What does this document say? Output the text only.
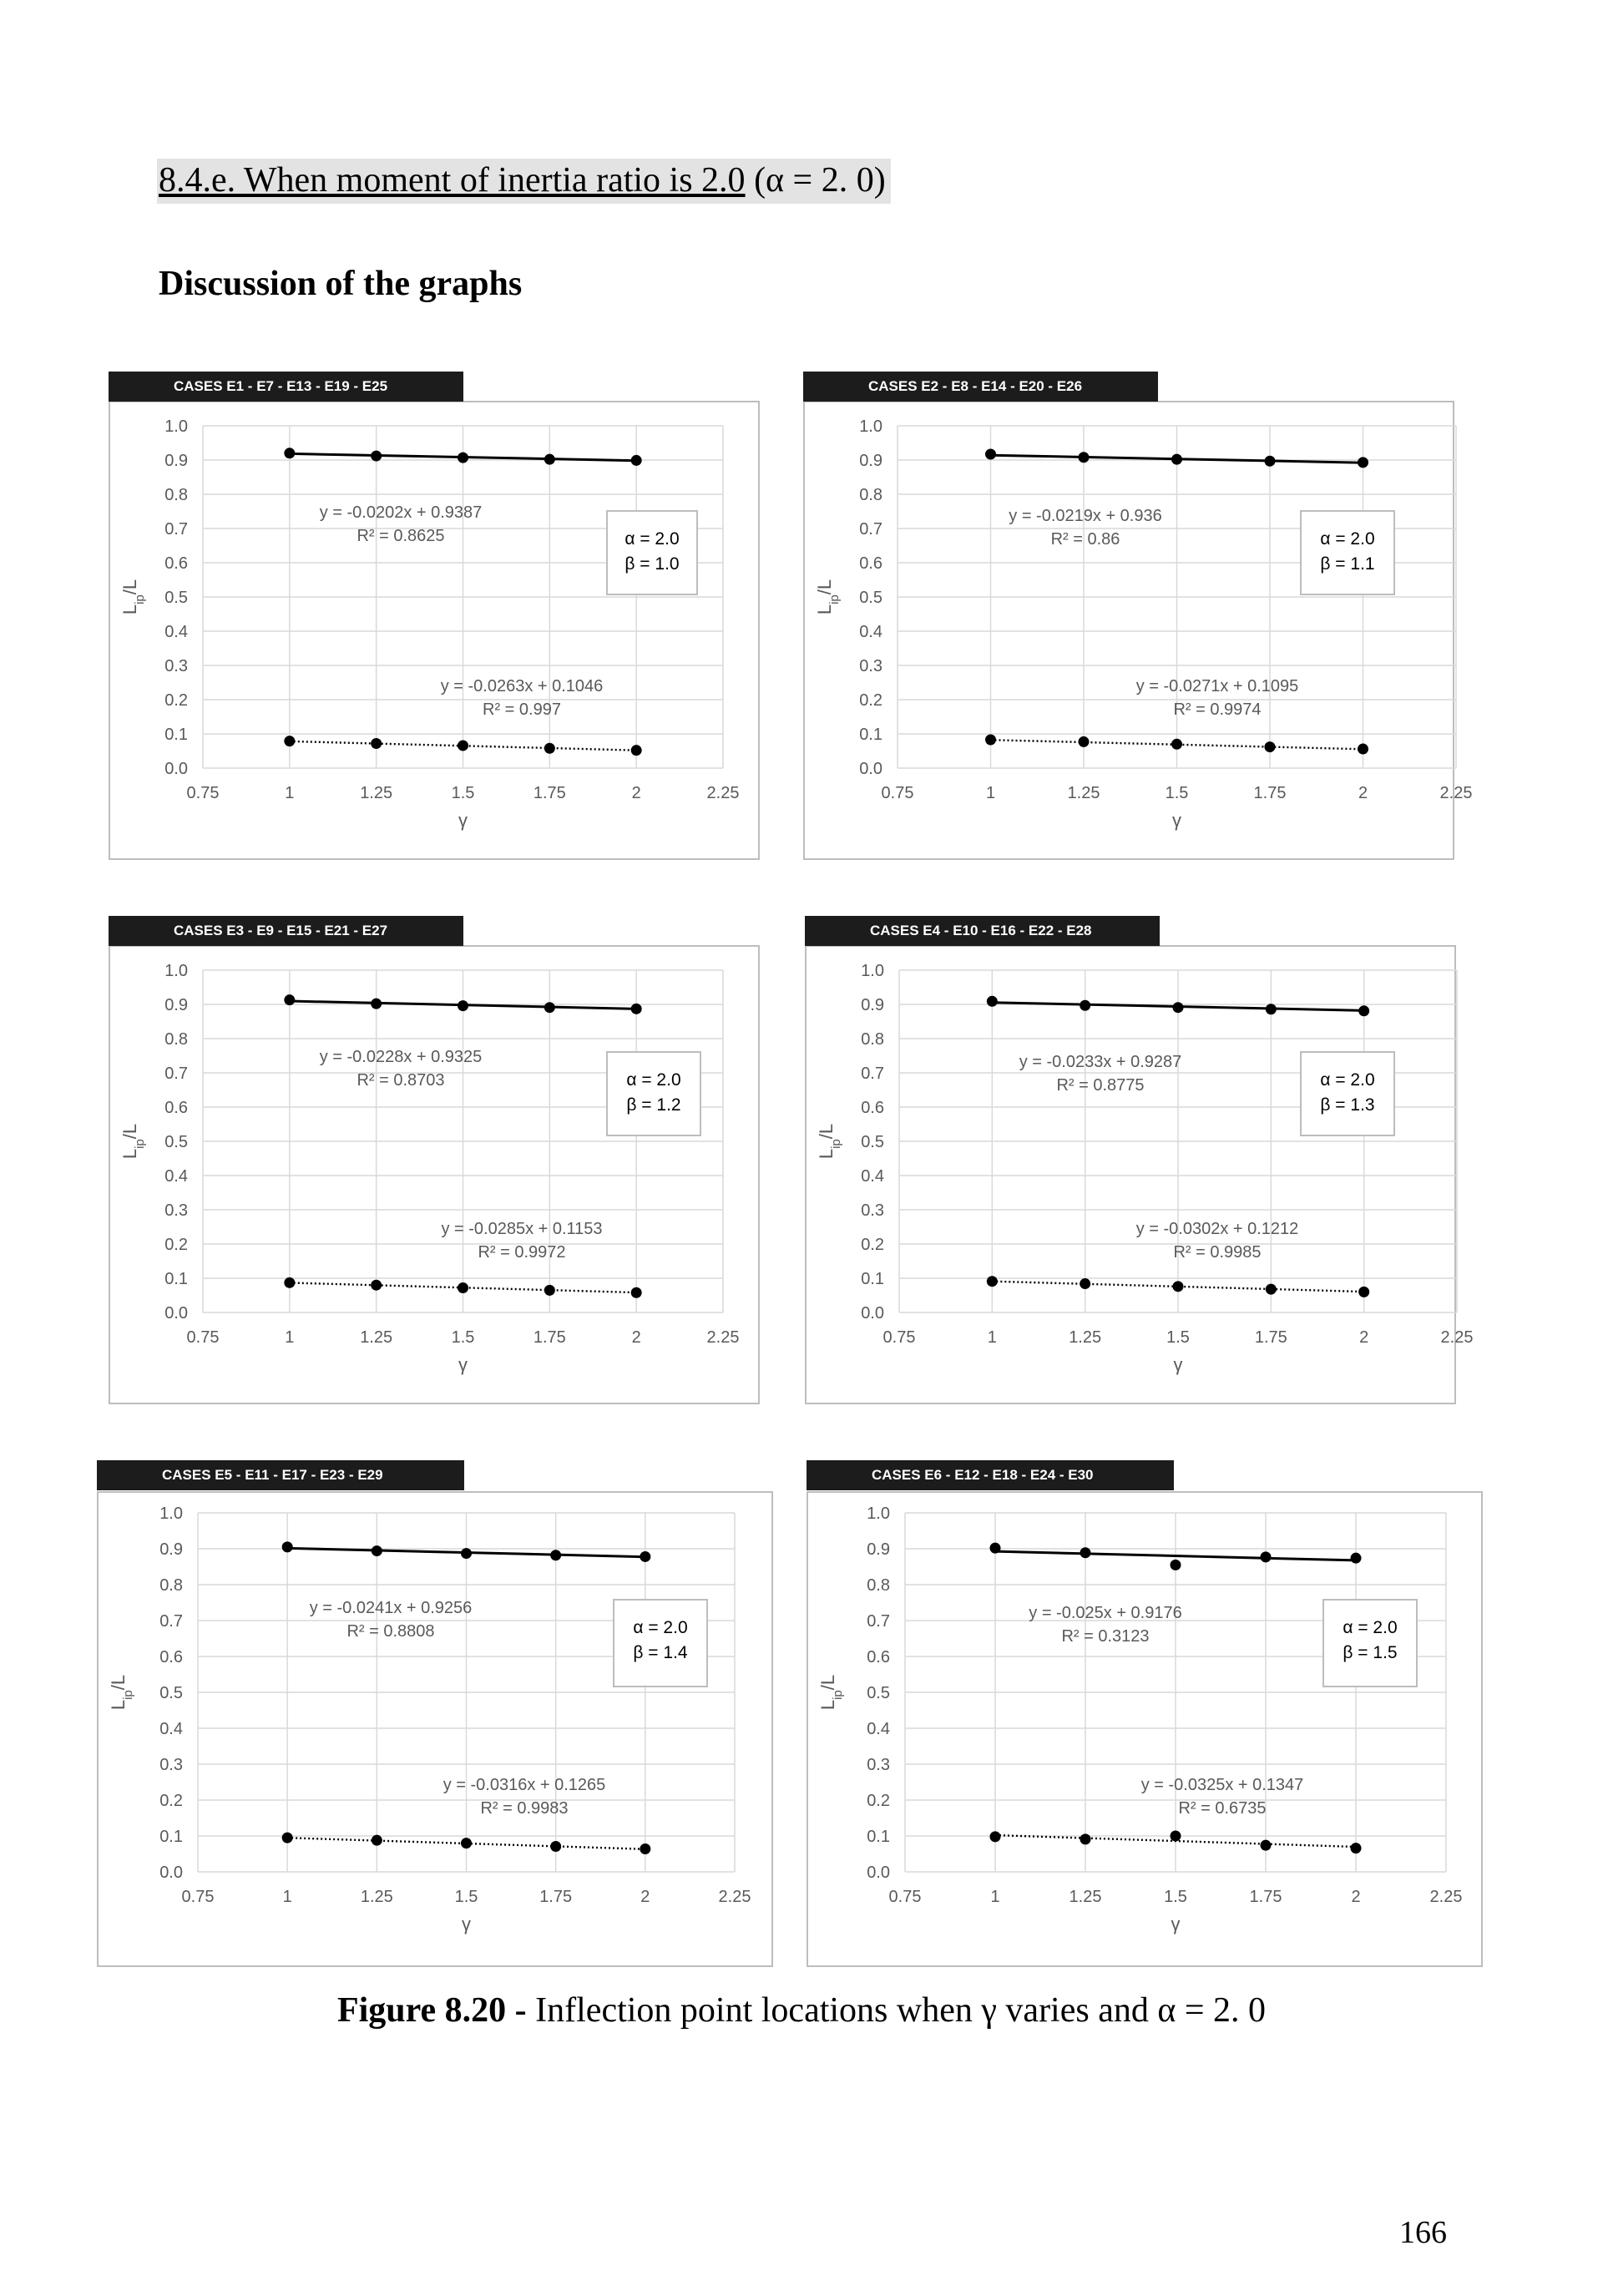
8.4.e. When moment of inertia ratio is 2.0 (α = 2. 0)
Discussion of the graphs
CASES E1 - E7 - E13 - E19 - E25
0.0
0.1
0.2
0.3
0.4
0.5
0.6
0.7
0.8
0.9
1.0
0.75	1	1.25	1.5	1.75	2	2.25
γ
$L_{ip}/L$
y = -0.0202x + 0.9387
R² = 0.8625
y = -0.0263x + 0.1046
R² = 0.997
α = 2.0
β = 1.0
CASES E2 - E8 - E14 - E20 - E26
0.0
0.1
0.2
0.3
0.4
0.5
0.6
0.7
0.8
0.9
1.0
0.75	1	1.25	1.5	1.75	2	2.25
γ
$L_{ip}/L$
y = -0.0219x + 0.936
R² = 0.86
y = -0.0271x + 0.1095
R² = 0.9974
α = 2.0
β = 1.1
CASES E3 - E9 - E15 - E21 - E27
0.0
0.1
0.2
0.3
0.4
0.5
0.6
0.7
0.8
0.9
1.0
0.75	1	1.25	1.5	1.75	2	2.25
γ
$L_{ip}/L$
y = -0.0228x + 0.9325
R² = 0.8703
y = -0.0285x + 0.1153
R² = 0.9972
α = 2.0
β = 1.2
CASES E4 - E10 - E16 - E22 - E28
0.0
0.1
0.2
0.3
0.4
0.5
0.6
0.7
0.8
0.9
1.0
0.75	1	1.25	1.5	1.75	2	2.25
γ
$L_{ip}/L$
y = -0.0233x + 0.9287
R² = 0.8775
y = -0.0302x + 0.1212
R² = 0.9985
α = 2.0
β = 1.3
CASES E5 - E11 - E17 - E23 - E29
0.0
0.1
0.2
0.3
0.4
0.5
0.6
0.7
0.8
0.9
1.0
0.75	1	1.25	1.5	1.75	2	2.25
γ
$L_{ip}/L$
y = -0.0241x + 0.9256
R² = 0.8808
y = -0.0316x + 0.1265
R² = 0.9983
α = 2.0
β = 1.4
CASES E6 - E12 - E18 - E24 - E30
0.0
0.1
0.2
0.3
0.4
0.5
0.6
0.7
0.8
0.9
1.0
0.75	1	1.25	1.5	1.75	2	2.25
γ
$L_{ip}/L$
y = -0.025x + 0.9176
R² = 0.3123
y = -0.0325x + 0.1347
R² = 0.6735
α = 2.0
β = 1.5
Figure 8.20 - Inflection point locations when γ varies and α = 2. 0
166
